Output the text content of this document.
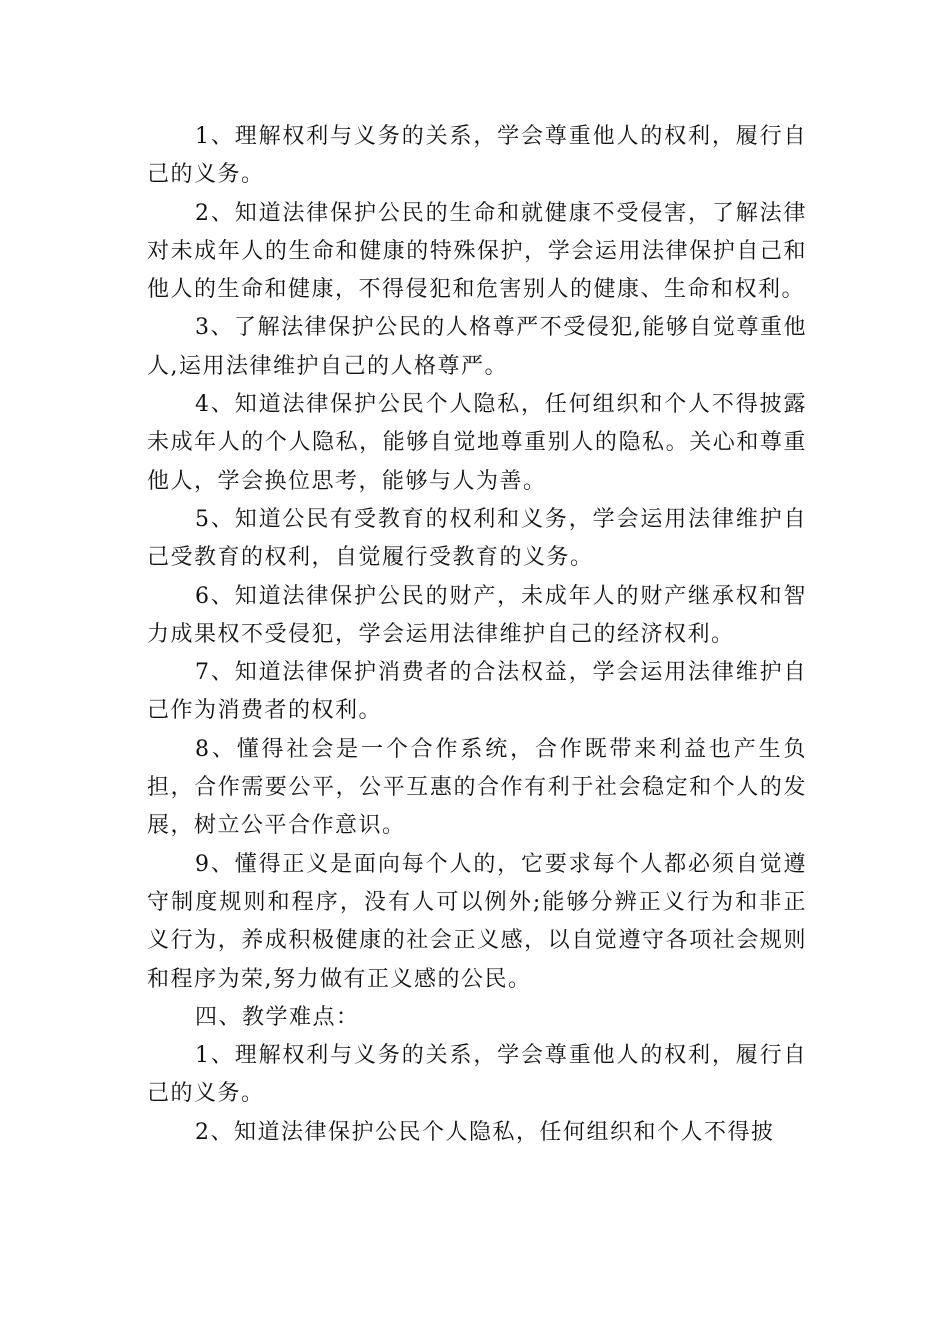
1、理解权利与义务的关系，学会尊重他人的权利，履行自己的义务。

2、知道法律保护公民的生命和就健康不受侵害，了解法律对未成年人的生命和健康的特殊保护，学会运用法律保护自己和他人的生命和健康，不得侵犯和危害别人的健康、生命和权利。

3、了解法律保护公民的人格尊严不受侵犯,能够自觉尊重他人,运用法律维护自己的人格尊严。

4、知道法律保护公民个人隐私，任何组织和个人不得披露未成年人的个人隐私，能够自觉地尊重别人的隐私。关心和尊重他人，学会换位思考，能够与人为善。

5、知道公民有受教育的权利和义务，学会运用法律维护自己受教育的权利，自觉履行受教育的义务。

6、知道法律保护公民的财产，未成年人的财产继承权和智力成果权不受侵犯，学会运用法律维护自己的经济权利。

7、知道法律保护消费者的合法权益，学会运用法律维护自己作为消费者的权利。

8、懂得社会是一个合作系统，合作既带来利益也产生负担，合作需要公平，公平互惠的合作有利于社会稳定和个人的发展，树立公平合作意识。

9、懂得正义是面向每个人的，它要求每个人都必须自觉遵守制度规则和程序，没有人可以例外;能够分辨正义行为和非正义行为，养成积极健康的社会正义感，以自觉遵守各项社会规则和程序为荣,努力做有正义感的公民。

四、教学难点：

1、理解权利与义务的关系，学会尊重他人的权利，履行自己的义务。

2、知道法律保护公民个人隐私，任何组织和个人不得披
